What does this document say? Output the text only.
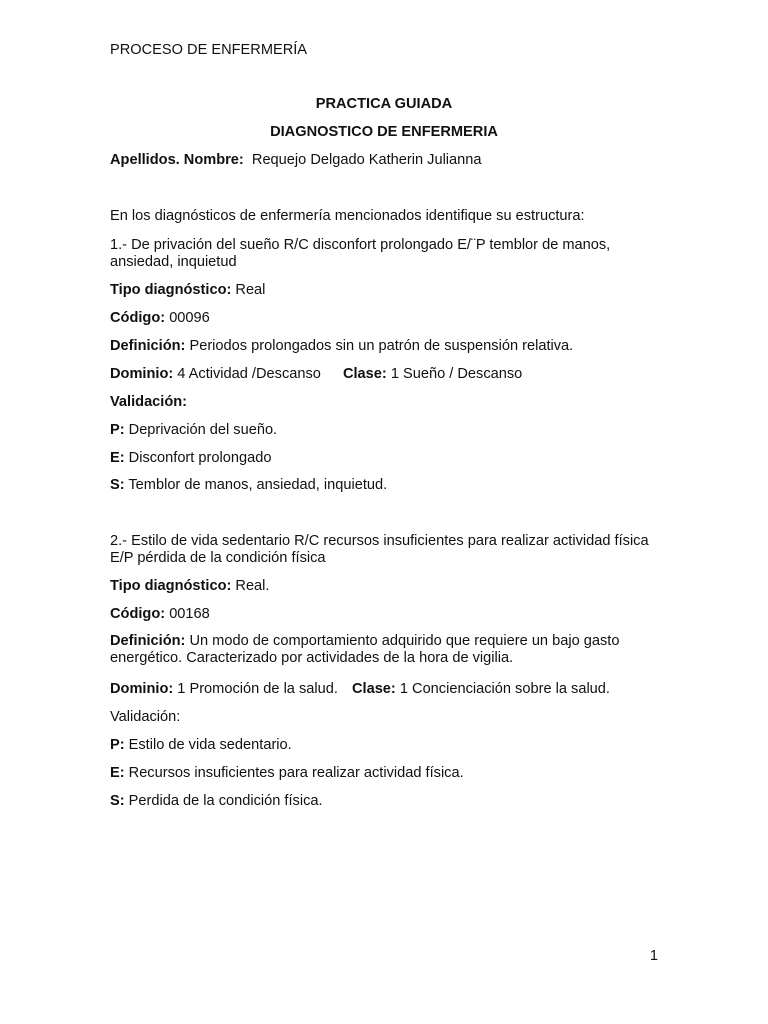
PROCESO DE ENFERMERÍA
PRACTICA GUIADA
DIAGNOSTICO DE ENFERMERIA
Apellidos. Nombre: Requejo Delgado Katherin Julianna
En los diagnósticos de enfermería mencionados identifique su estructura:
1.- De privación del sueño R/C disconfort prolongado E/¨P temblor de manos, ansiedad, inquietud
Tipo diagnóstico: Real
Código: 00096
Definición: Periodos prolongados sin un patrón de suspensión relativa.
Dominio: 4 Actividad /Descanso Clase: 1 Sueño / Descanso
Validación:
P: Deprivación del sueño.
E: Disconfort prolongado
S: Temblor de manos, ansiedad, inquietud.
2.- Estilo de vida sedentario R/C recursos insuficientes para realizar actividad física E/P pérdida de la condición física
Tipo diagnóstico: Real.
Código: 00168
Definición: Un modo de comportamiento adquirido que requiere un bajo gasto energético. Caracterizado por actividades de la hora de vigilia.
Dominio: 1 Promoción de la salud. Clase: 1 Concienciación sobre la salud.
Validación:
P: Estilo de vida sedentario.
E: Recursos insuficientes para realizar actividad física.
S: Perdida de la condición física.
1
